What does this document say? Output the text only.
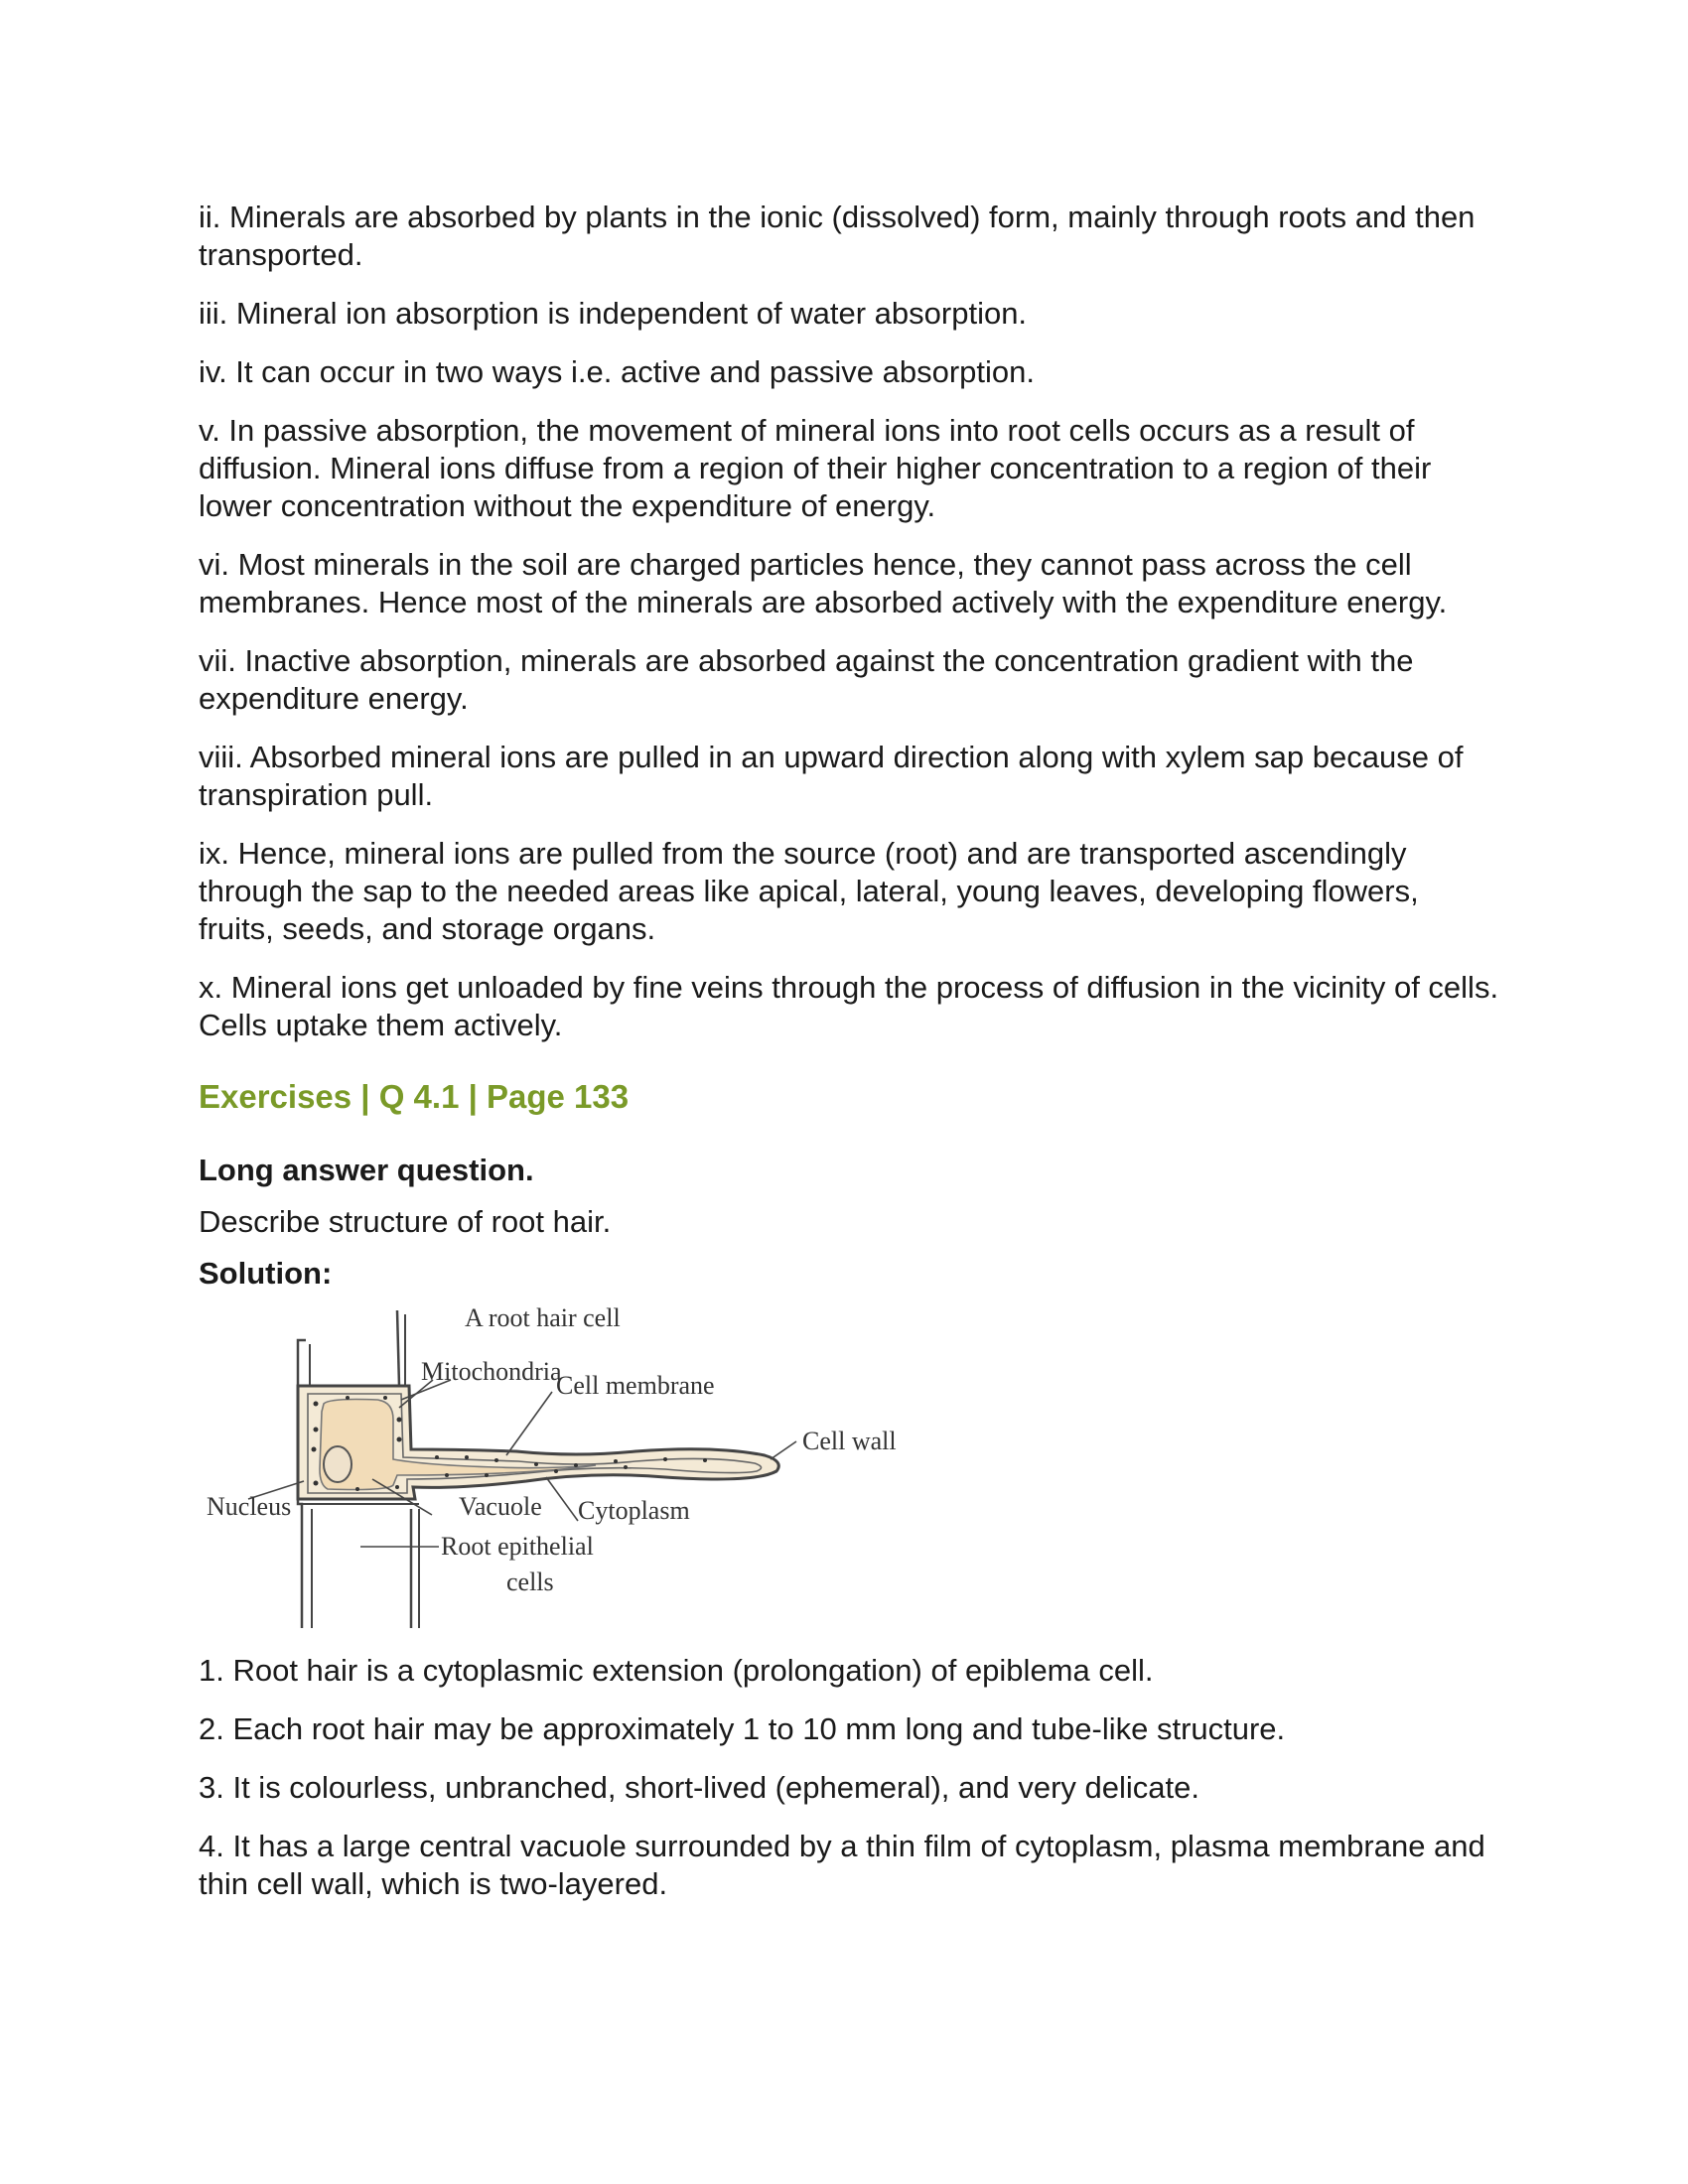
ii. Minerals are absorbed by plants in the ionic (dissolved) form, mainly through roots and then transported.

iii. Mineral ion absorption is independent of water absorption.

iv. It can occur in two ways i.e. active and passive absorption.

v. In passive absorption, the movement of mineral ions into root cells occurs as a result of diffusion. Mineral ions diffuse from a region of their higher concentration to a region of their lower concentration without the expenditure of energy.

vi. Most minerals in the soil are charged particles hence, they cannot pass across the cell membranes. Hence most of the minerals are absorbed actively with the expenditure energy.

vii. Inactive absorption, minerals are absorbed against the concentration gradient with the expenditure energy.

viii. Absorbed mineral ions are pulled in an upward direction along with xylem sap because of transpiration pull.

ix. Hence, mineral ions are pulled from the source (root) and are transported ascendingly through the sap to the needed areas like apical, lateral, young leaves, developing flowers, fruits, seeds, and storage organs.

x. Mineral ions get unloaded by fine veins through the process of diffusion in the vicinity of cells. Cells uptake them actively.

Exercises | Q 4.1 | Page 133
Long answer question.
Describe structure of root hair.
Solution:
A root hair cell
Mitochondria
Cell membrane
Cell wall
Nucleus	Vacuole Cytoplasm
Root epithelial
cells

1. Root hair is a cytoplasmic extension (prolongation) of epiblema cell.

2. Each root hair may be approximately 1 to 10 mm long and tube-like structure.

3. It is colourless, unbranched, short-lived (ephemeral), and very delicate.

4. It has a large central vacuole surrounded by a thin film of cytoplasm, plasma membrane and thin cell wall, which is two-layered.
